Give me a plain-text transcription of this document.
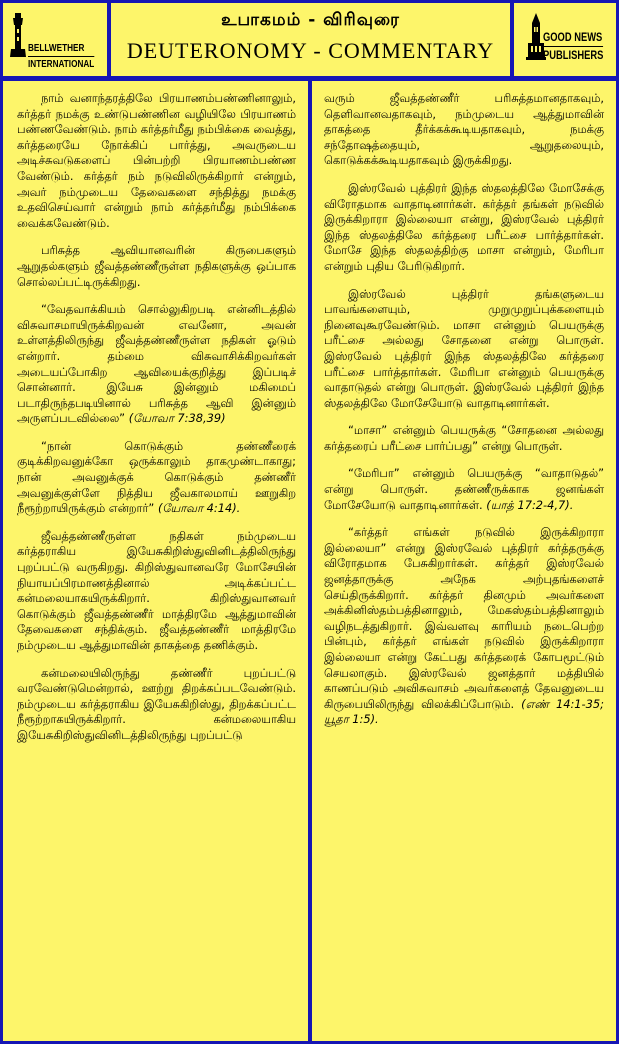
BELLWETHER
INTERNATIONAL
உபாகமம் - விரிவுரை
DEUTERONOMY - COMMENTARY
GOOD NEWS
PUBLISHERS

நாம் வனாந்தரத்திலே பிரயாணம்பண்ணினாலும், கர்த்தர் நமக்கு உண்டுபண்ணின வழியிலே பிரயாணம் பண்ணவேண்டும். நாம் கர்த்தர்மீது நம்பிக்கை வைத்து, கர்த்தரையே நோக்கிப் பார்த்து, அவருடைய அடிச்சுவடுகளைப் பின்பற்றி பிரயாணம்பண்ண வேண்டும். கர்த்தர் நம் நடுவிலிருக்கிறார் என்றும், அவர் நம்முடைய தேவைகளை சந்தித்து நமக்கு உதவிசெய்வார் என்றும் நாம் கர்த்தர்மீது நம்பிக்கை வைக்கவேண்டும்.

பரிசுத்த ஆவியானவரின் கிருபைகளும் ஆறுதல்களும் ஜீவத்தண்ணீருள்ள நதிகளுக்கு ஒப்பாக சொல்லப்பட்டிருக்கிறது.

“வேதவாக்கியம் சொல்லுகிறபடி என்னிடத்தில் விசுவாசமாயிருக்கிறவன் எவனோ, அவன் உள்ளத்திலிருந்து ஜீவத்தண்ணீருள்ள நதிகள் ஓடும் என்றார். தம்மை விசுவாசிக்கிறவர்கள் அடையப்போகிற ஆவியைக்குறித்து இப்படிச் சொன்னார். இயேசு இன்னும் மகிமைப் படாதிருந்தபடியினால் பரிசுத்த ஆவி இன்னும் அருளப்படவில்லை” (யோவா 7:38,39)

“நான் கொடுக்கும் தண்ணீரைக் குடிக்கிறவனுக்கோ ஒருக்காலும் தாகமுண்டாகாது; நான் அவனுக்குக் கொடுக்கும் தண்ணீர் அவனுக்குள்ளே நித்திய ஜீவகாலமாய் ஊறுகிற நீரூற்றாயிருக்கும் என்றார்” (யோவா 4:14).

ஜீவத்தண்ணீருள்ள நதிகள் நம்முடைய கர்த்தராகிய இயேசுகிறிஸ்துவினிடத்திலிருந்து புறப்பட்டு வருகிறது. கிறிஸ்துவானவரே மோசேயின் நியாயப்பிரமாணத்தினால் அடிக்கப்பட்ட கன்மலையாகயிருக்கிறார். கிறிஸ்துவானவர் கொடுக்கும் ஜீவத்தண்ணீர் மாத்திரமே ஆத்துமாவின் தேவைகளை சந்திக்கும். ஜீவத்தண்ணீர் மாத்திரமே நம்முடைய ஆத்துமாவின் தாகத்தை தணிக்கும்.

கன்மலையிலிருந்து தண்ணீர் புறப்பட்டு வரவேண்டுமென்றால், ஊற்று திறக்கப்படவேண்டும். நம்முடைய கர்த்தராகிய இயேசுகிறிஸ்து, திறக்கப்பட்ட நீரூற்றாகயிருக்கிறார். கன்மலையாகிய இயேசுகிறிஸ்துவினிடத்திலிருந்து புறப்பட்டு

வரும் ஜீவத்தண்ணீர் பரிசுத்தமானதாகவும், தெளிவானவதாகவும், நம்முடைய ஆத்துமாவின் தாகத்தை தீர்க்கக்கூடியதாகவும், நமக்கு சந்தோஷத்தையும், ஆறுதலையும், கொடுக்கக்கூடியதாகவும் இருக்கிறது.

இஸ்ரவேல் புத்திரர் இந்த ஸ்தலத்திலே மோசேக்கு விரோதமாக வாதாடினார்கள். கர்த்தர் தங்கள் நடுவில் இருக்கிறாரா இல்லையா என்று, இஸ்ரவேல் புத்திரர் இந்த ஸ்தலத்திலே கர்த்தரை பரீட்சை பார்த்தார்கள். மோசே இந்த ஸ்தலத்திற்கு மாசா என்றும், மேரிபா என்றும் புதிய பேரிடுகிறார்.

இஸ்ரவேல் புத்திரர் தங்களுடைய பாவங்களையும், முறுமுறுப்புக்களையும் நினைவுகூரவேண்டும். மாசா என்னும் பெயருக்கு பரீட்சை அல்லது சோதனை என்று பொருள். இஸ்ரவேல் புத்திரர் இந்த ஸ்தலத்திலே கர்த்தரை பரீட்சை பார்த்தார்கள். மேரிபா என்னும் பெயருக்கு வாதாடுதல் என்று பொருள். இஸ்ரவேல் புத்திரர் இந்த ஸ்தலத்திலே மோசேயோடு வாதாடினார்கள்.

“மாசா” என்னும் பெயருக்கு “சோதனை அல்லது கர்த்தரைப் பரீட்சை பார்ப்பது” என்று பொருள்.

“மேரிபா” என்னும் பெயருக்கு “வாதாடுதல்” என்று பொருள். தண்ணீருக்காக ஜனங்கள் மோசேயோடு வாதாடினார்கள். (யாத் 17:2-4,7).

“கர்த்தர் எங்கள் நடுவில் இருக்கிறாரா இல்லையா” என்று இஸ்ரவேல் புத்திரர் கர்த்தருக்கு விரோதமாக பேசுகிறார்கள். கர்த்தர் இஸ்ரவேல் ஜனத்தாருக்கு அநேக அற்புதங்களைச் செய்திருக்கிறார். கர்த்தர் தினமும் அவர்களை அக்கினிஸ்தம்பத்தினாலும், மேகஸ்தம்பத்தினாலும் வழிநடத்துகிறார். இவ்வளவு காரியம் நடைபெற்ற பின்பும், கர்த்தர் எங்கள் நடுவில் இருக்கிறாரா இல்லையா என்று கேட்பது கர்த்தரைக் கோபமூட்டும் செயலாகும். இஸ்ரவேல் ஜனத்தார் மத்தியில் காணப்படும் அவிசுவாசம் அவர்களைத் தேவனுடைய கிருபையிலிருந்து விலக்கிப்போடும். (எண் 14:1-35; யூதா 1:5).
